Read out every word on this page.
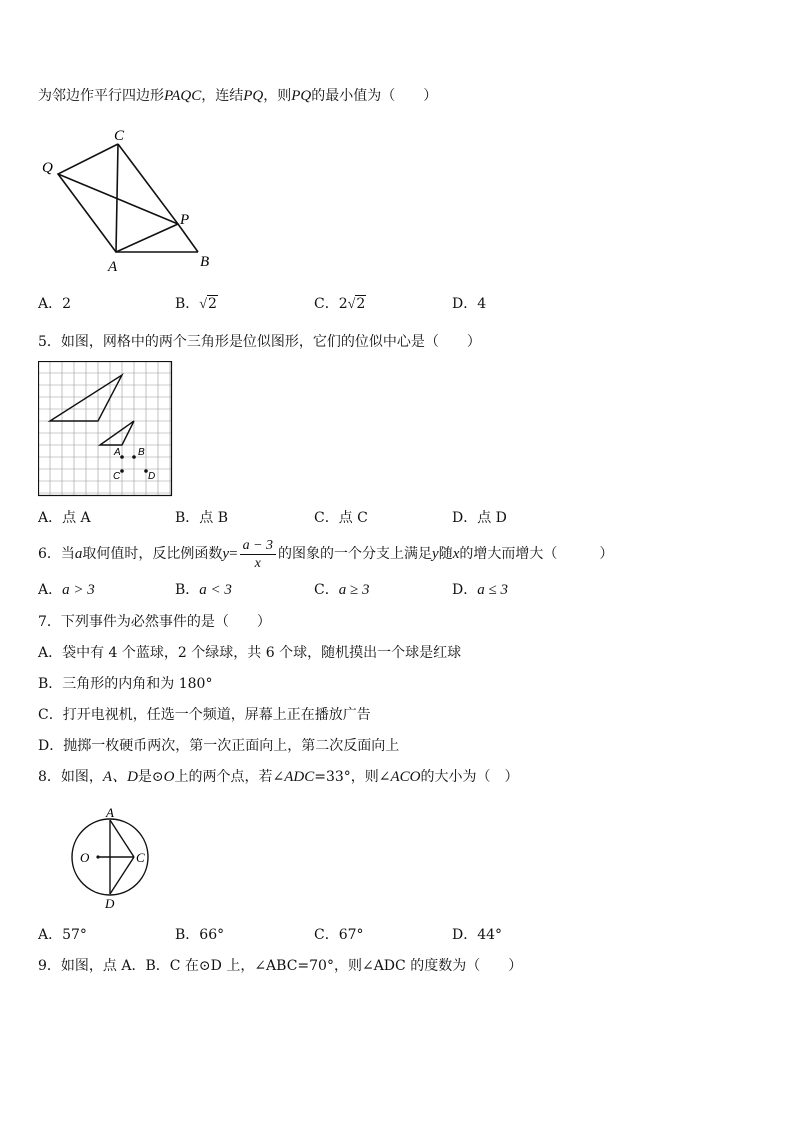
为邻边作平行四边形PAQC，连结PQ，则PQ的最小值为（　　）
C
Q
P
A	B
A．2	B．√2	C．2√2	D．4
5．如图，网格中的两个三角形是位似图形，它们的位似中心是（　　）
A B
C	D
A．点 A	B．点 B	C．点 C	D．点 D
6．当a取何值时，反比例函数$y= \frac{a - 3}{x}$ 的图象的一个分支上满足y随x的增大而增大（　　　）
A．a > 3	B．a < 3	C．a ≥ 3	D．a ≤ 3
7．下列事件为必然事件的是（　　）
A．袋中有 4 个蓝球，2 个绿球，共 6 个球，随机摸出一个球是红球
B．三角形的内角和为 180°
C．打开电视机，任选一个频道，屏幕上正在播放广告
D．抛掷一枚硬币两次，第一次正面向上，第二次反面向上
8．如图，A、D是⊙O上的两个点，若∠ADC=33°，则∠ACO的大小为（　）
A
O	C
D
A．57°	B．66°	C．67°	D．44°
9．如图，点 A．B．C 在⊙D 上，∠ABC=70°，则∠ADC 的度数为（　　）
